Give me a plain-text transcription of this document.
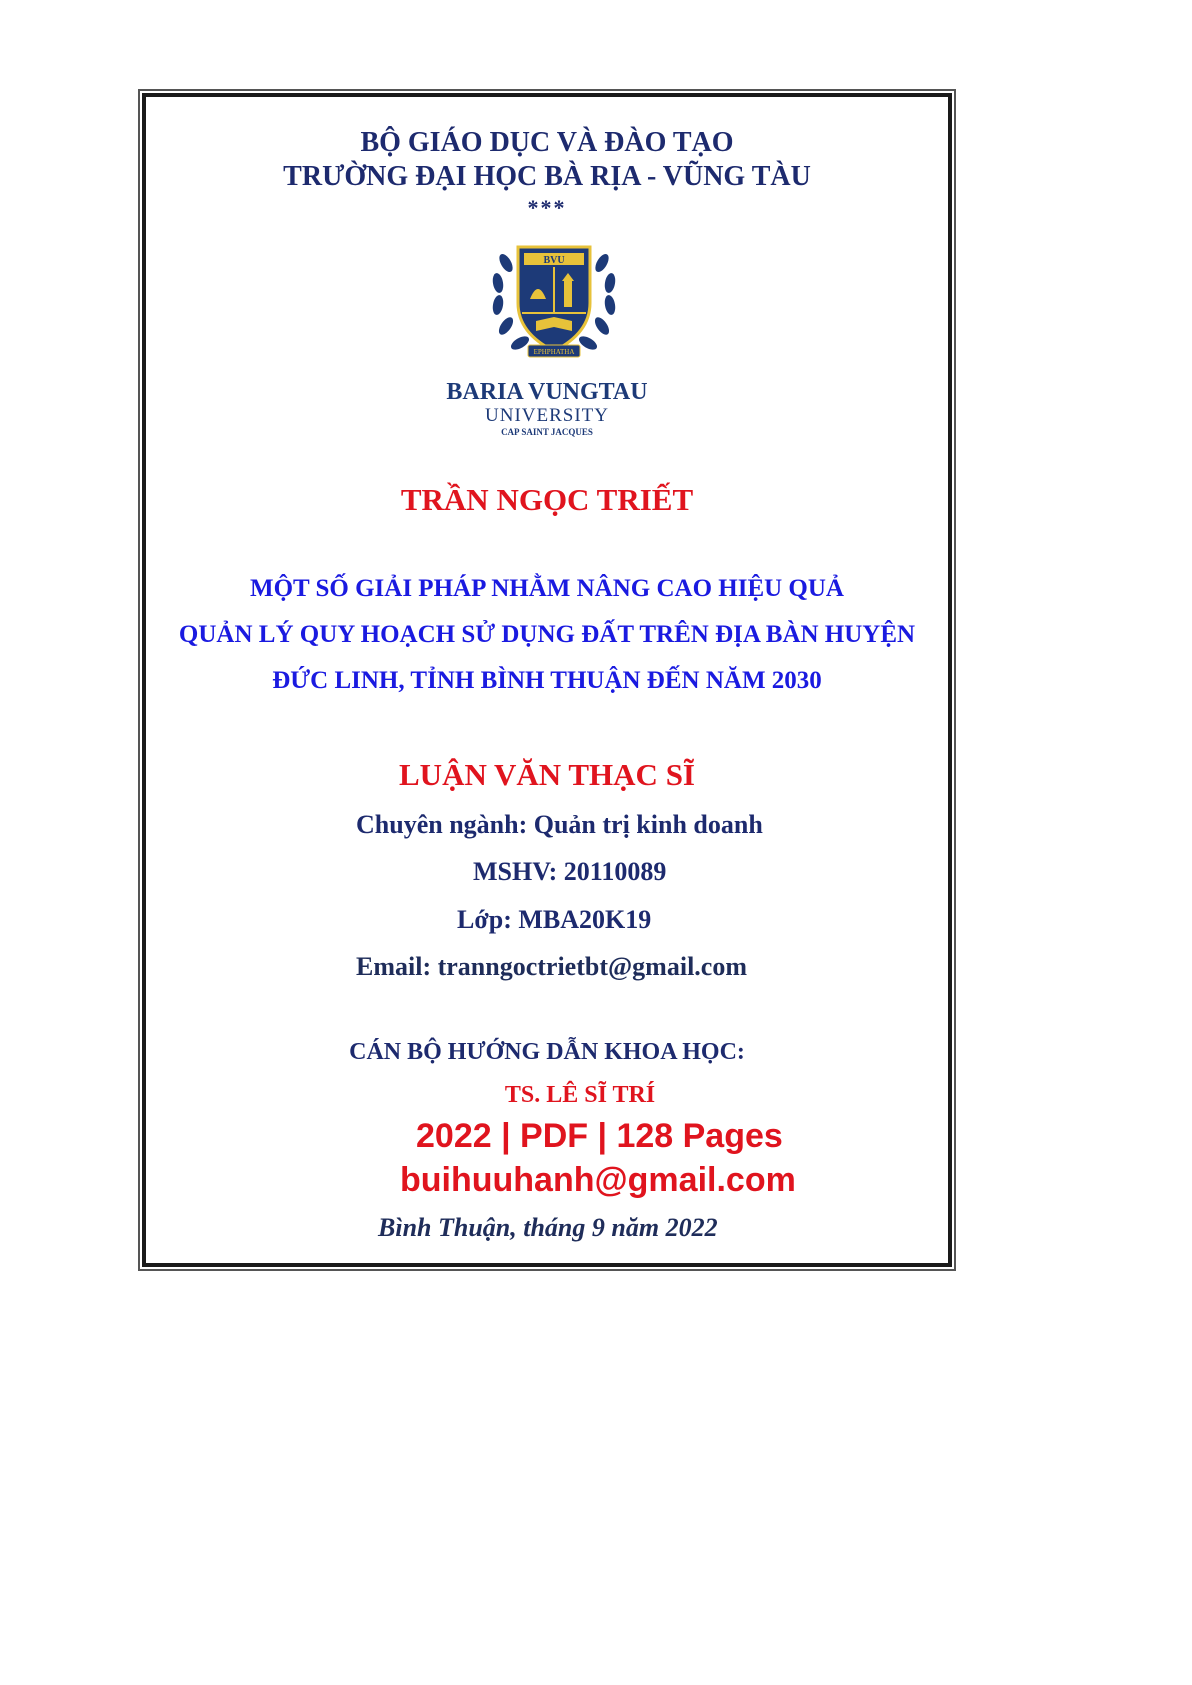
BỘ GIÁO DỤC VÀ ĐÀO TẠO
TRƯỜNG ĐẠI HỌC BÀ RỊA - VŨNG TÀU
***
BVU
EPHPHATHA
BARIA VUNGTAU
UNIVERSITY
CAP SAINT JACQUES
TRẦN NGỌC TRIẾT
MỘT SỐ GIẢI PHÁP NHẰM NÂNG CAO HIỆU QUẢ
QUẢN LÝ QUY HOẠCH SỬ DỤNG ĐẤT TRÊN ĐỊA BÀN HUYỆN
ĐỨC LINH, TỈNH BÌNH THUẬN ĐẾN NĂM 2030
LUẬN VĂN THẠC SĨ
Chuyên ngành: Quản trị kinh doanh
MSHV: 20110089
Lớp: MBA20K19
Email: tranngoctrietbt@gmail.com
CÁN BỘ HƯỚNG DẪN KHOA HỌC:
TS. LÊ SĨ TRÍ
2022 | PDF | 128 Pages
buihuuhanh@gmail.com
Bình Thuận, tháng 9 năm 2022
